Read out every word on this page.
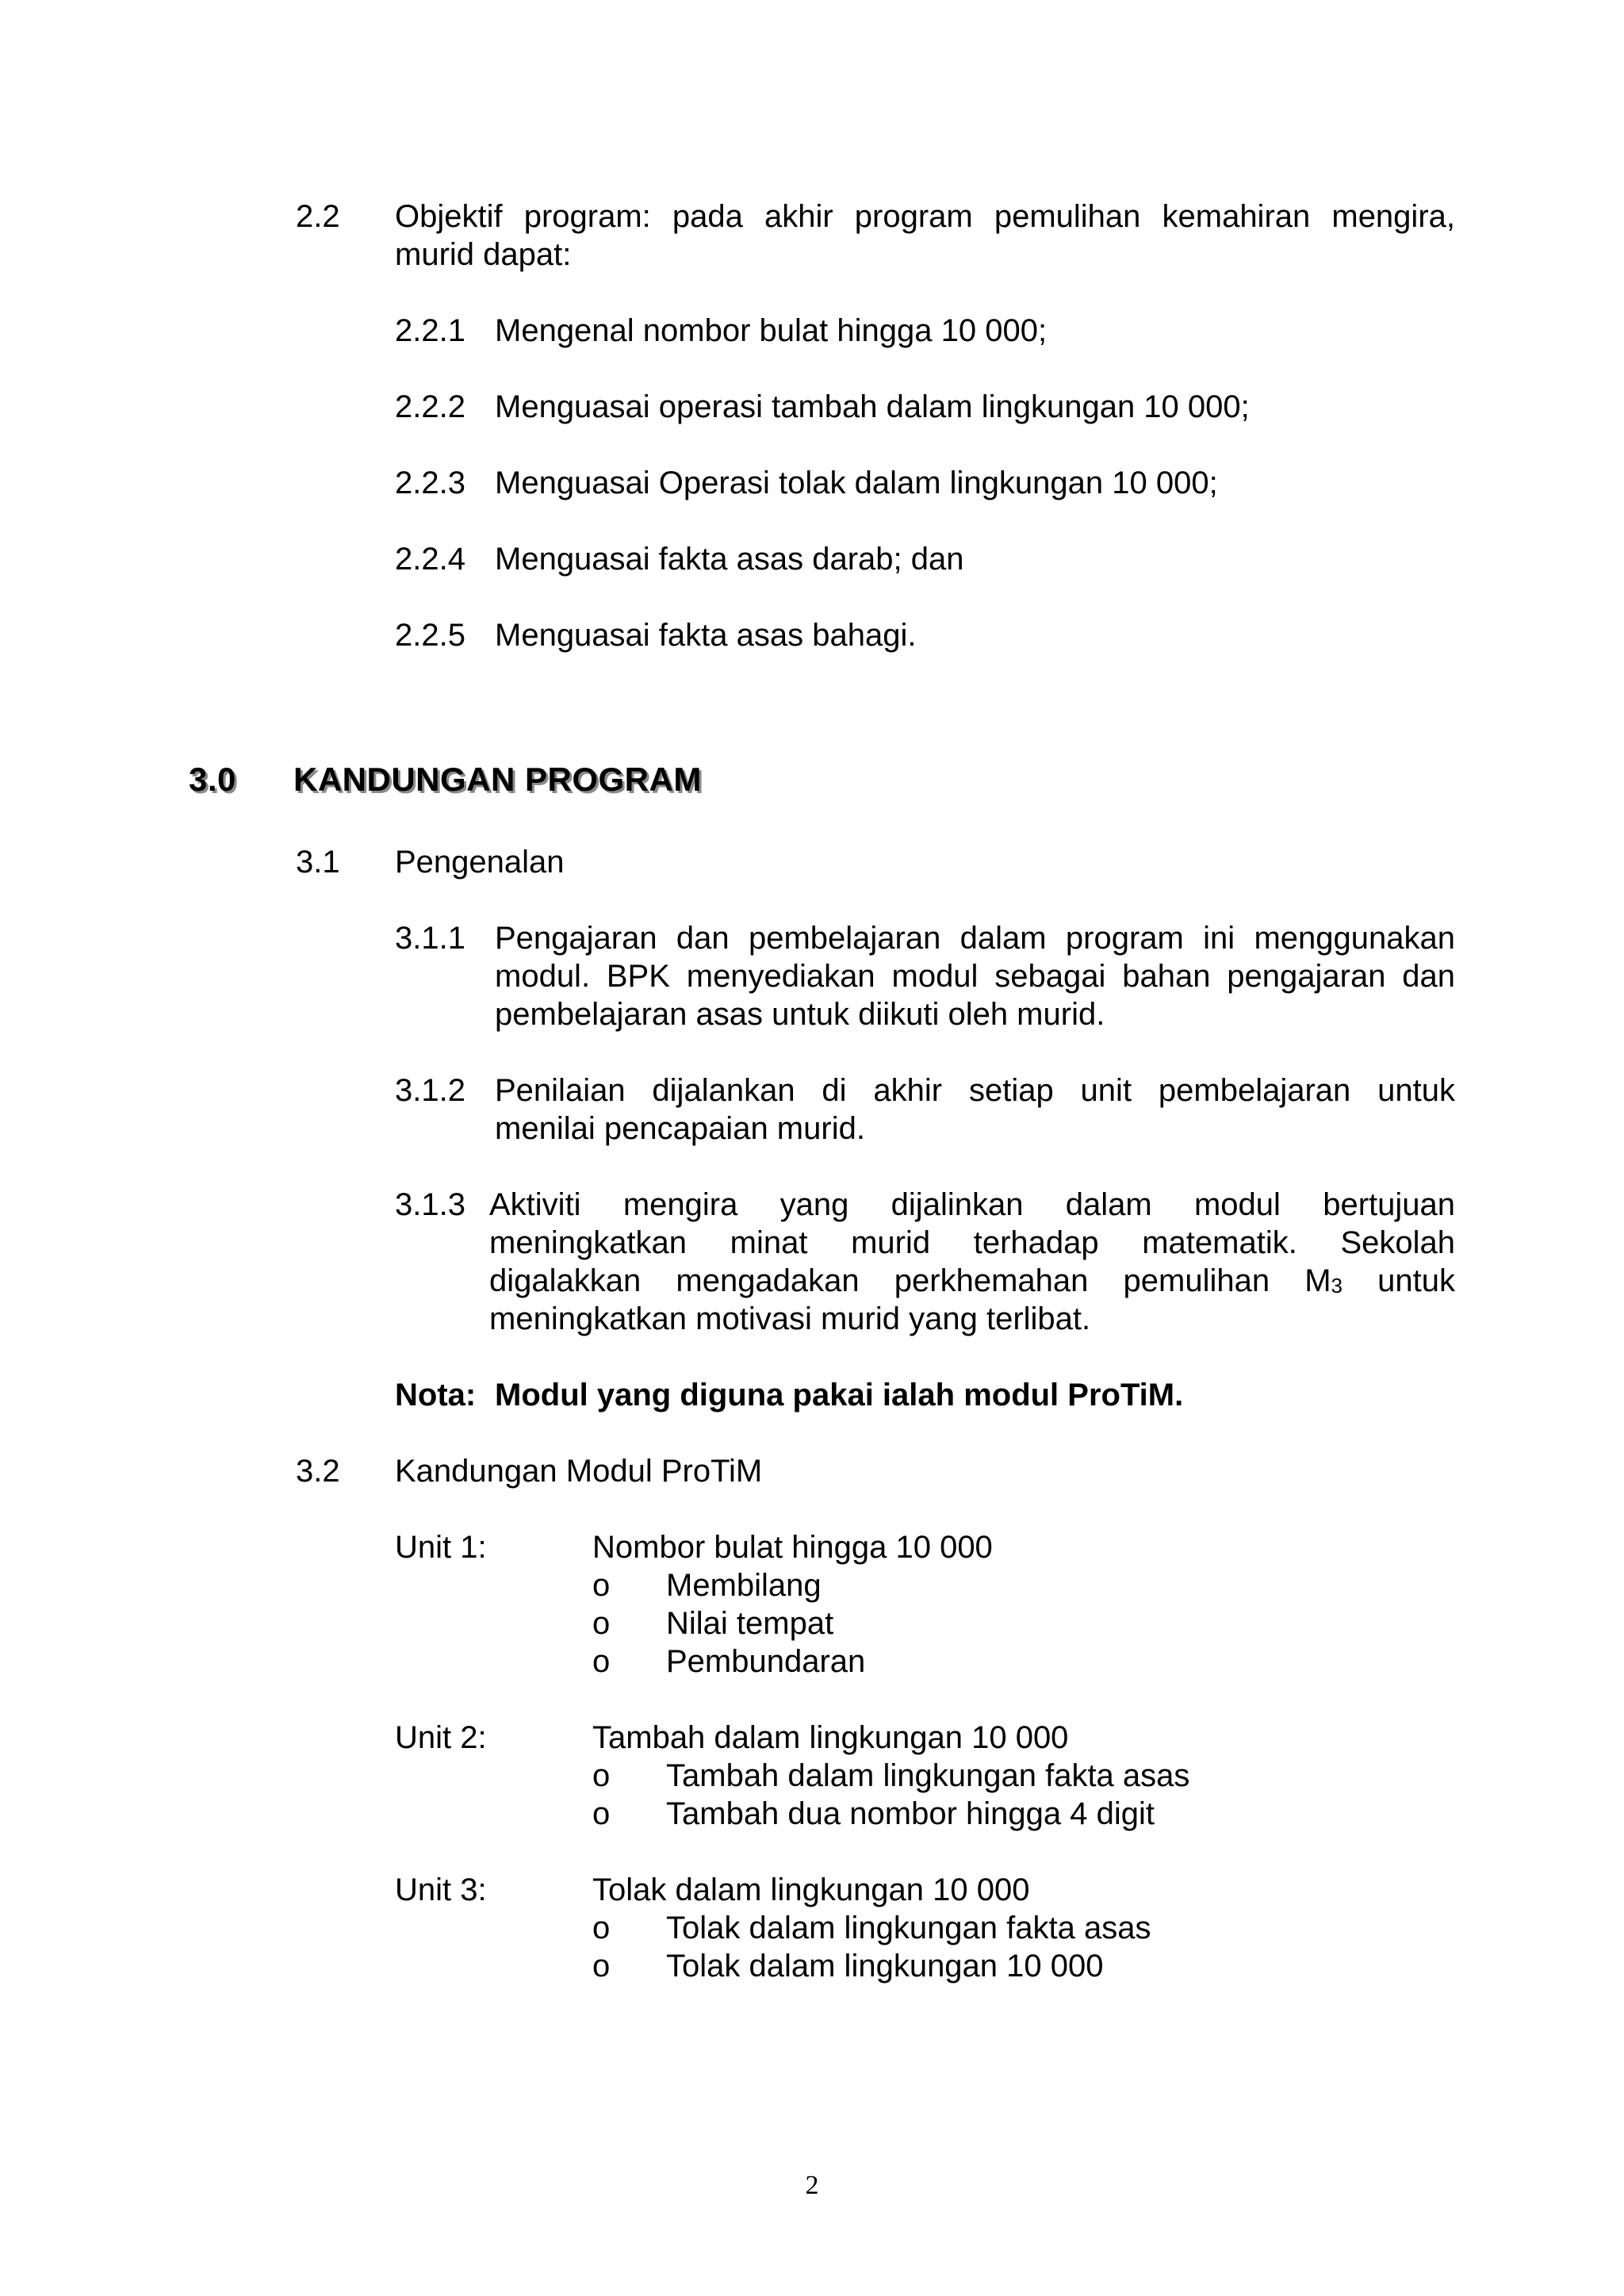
2.2 Objektif program: pada akhir program pemulihan kemahiran mengira,
murid dapat:
2.2.1 Mengenal nombor bulat hingga 10 000;
2.2.2 Menguasai operasi tambah dalam lingkungan 10 000;
2.2.3 Menguasai Operasi tolak dalam lingkungan 10 000;
2.2.4 Menguasai fakta asas darab; dan
2.2.5 Menguasai fakta asas bahagi.
3.0 KANDUNGAN PROGRAM
3.1 Pengenalan
3.1.1 Pengajaran dan pembelajaran dalam program ini menggunakan
modul. BPK menyediakan modul sebagai bahan pengajaran dan
pembelajaran asas untuk diikuti oleh murid.
3.1.2 Penilaian dijalankan di akhir setiap unit pembelajaran untuk
menilai pencapaian murid.
3.1.3 Aktiviti mengira yang dijalinkan dalam modul bertujuan
meningkatkan minat murid terhadap matematik. Sekolah
digalakkan mengadakan perkhemahan pemulihan M3 untuk
meningkatkan motivasi murid yang terlibat.
Nota: Modul yang diguna pakai ialah modul ProTiM.
3.2 Kandungan Modul ProTiM
Unit 1:	Nombor bulat hingga 10 000
o Membilang
o Nilai tempat
o Pembundaran
Unit 2:	Tambah dalam lingkungan 10 000
o Tambah dalam lingkungan fakta asas
o Tambah dua nombor hingga 4 digit
Unit 3:	Tolak dalam lingkungan 10 000
o Tolak dalam lingkungan fakta asas
o Tolak dalam lingkungan 10 000
2
